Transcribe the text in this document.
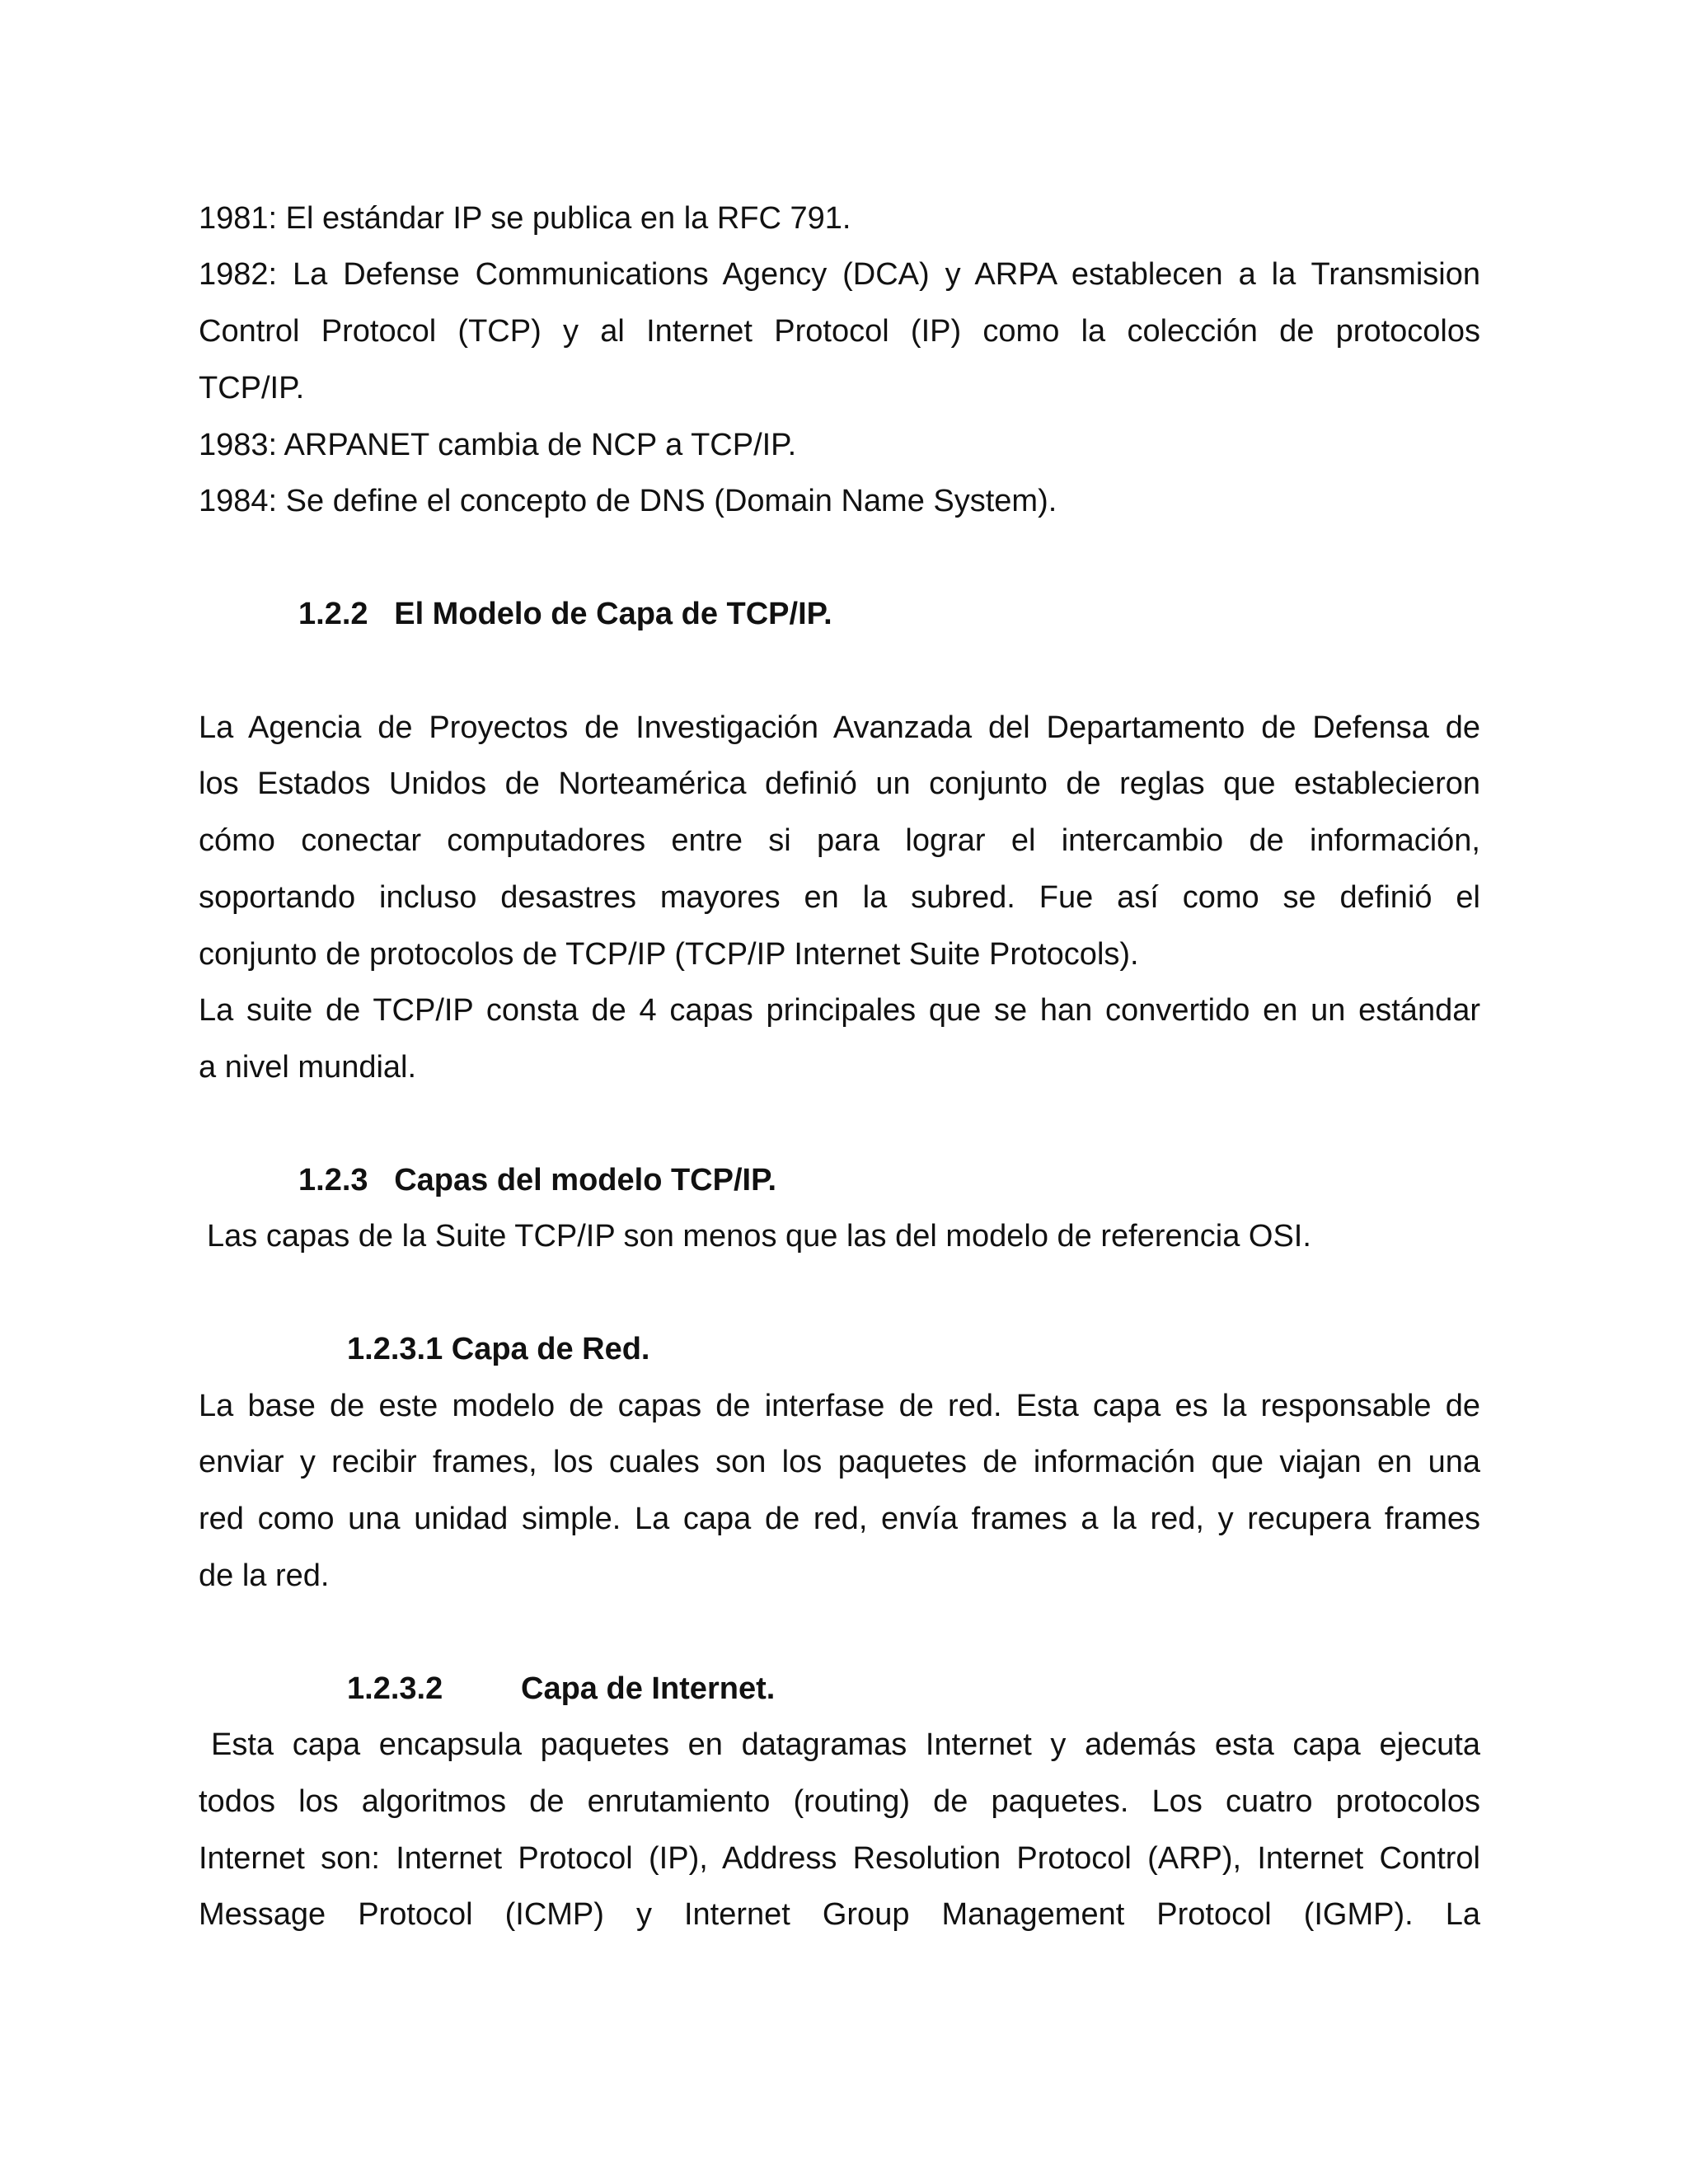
1981: El estándar IP se publica en la RFC 791.
1982: La Defense Communications Agency (DCA) y ARPA establecen a la Transmision
Control Protocol (TCP) y al Internet Protocol (IP) como la colección de protocolos
TCP/IP.
1983: ARPANET cambia de NCP a TCP/IP.
1984: Se define el concepto de DNS (Domain Name System).
1.2.2 El Modelo de Capa de TCP/IP.
La Agencia de Proyectos de Investigación Avanzada del Departamento de Defensa de
los Estados Unidos de Norteamérica definió un conjunto de reglas que establecieron
cómo conectar computadores entre si para lograr el intercambio de información,
soportando incluso desastres mayores en la subred. Fue así como se definió el
conjunto de protocolos de TCP/IP (TCP/IP Internet Suite Protocols).
La suite de TCP/IP consta de 4 capas principales que se han convertido en un estándar
a nivel mundial.
1.2.3 Capas del modelo TCP/IP.
Las capas de la Suite TCP/IP son menos que las del modelo de referencia OSI.
1.2.3.1 Capa de Red.
La base de este modelo de capas de interfase de red. Esta capa es la responsable de
enviar y recibir frames, los cuales son los paquetes de información que viajan en una
red como una unidad simple. La capa de red, envía frames a la red, y recupera frames
de la red.
1.2.3.2 Capa de Internet.
Esta capa encapsula paquetes en datagramas Internet y además esta capa ejecuta
todos los algoritmos de enrutamiento (routing) de paquetes. Los cuatro protocolos
Internet son: Internet Protocol (IP), Address Resolution Protocol (ARP), Internet Control
Message Protocol (ICMP) y Internet Group Management Protocol (IGMP). La
